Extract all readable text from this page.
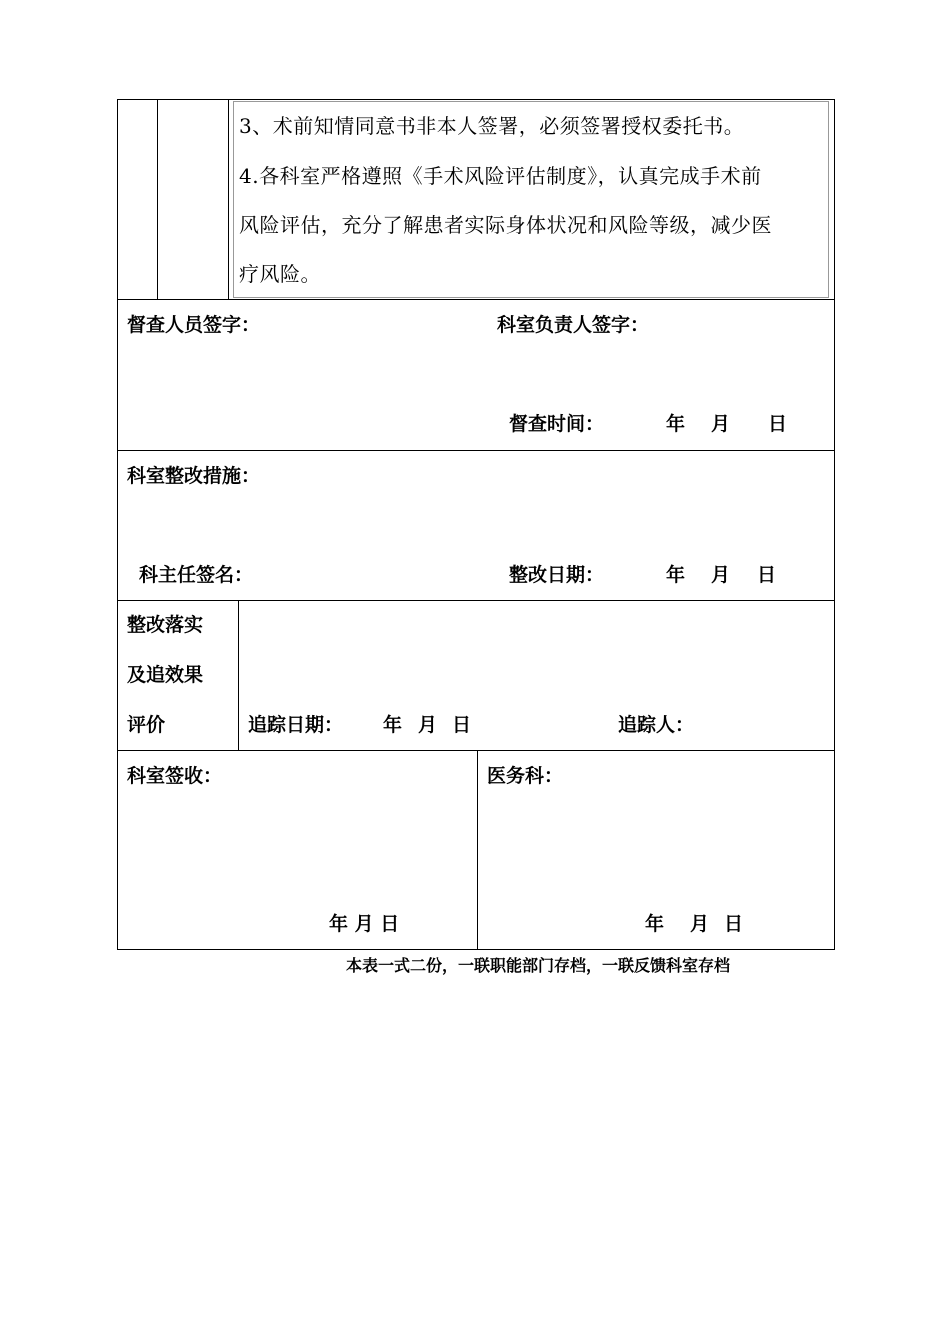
3、术前知情同意书非本人签署，必须签署授权委托书。
4.各科室严格遵照《手术风险评估制度》，认真完成手术前
风险评估，充分了解患者实际身体状况和风险等级，减少医
疗风险。
督查人员签字：	科室负责人签字：
督查时间：	年 月 日
科室整改措施：
科主任签名：	整改日期：	年 月 日
整改落实
及追效果
评价	追踪日期： 年 月 日	追踪人：
科室签收：	医务科：
年 月 日	年 月 日
本表一式二份，一联职能部门存档，一联反馈科室存档
